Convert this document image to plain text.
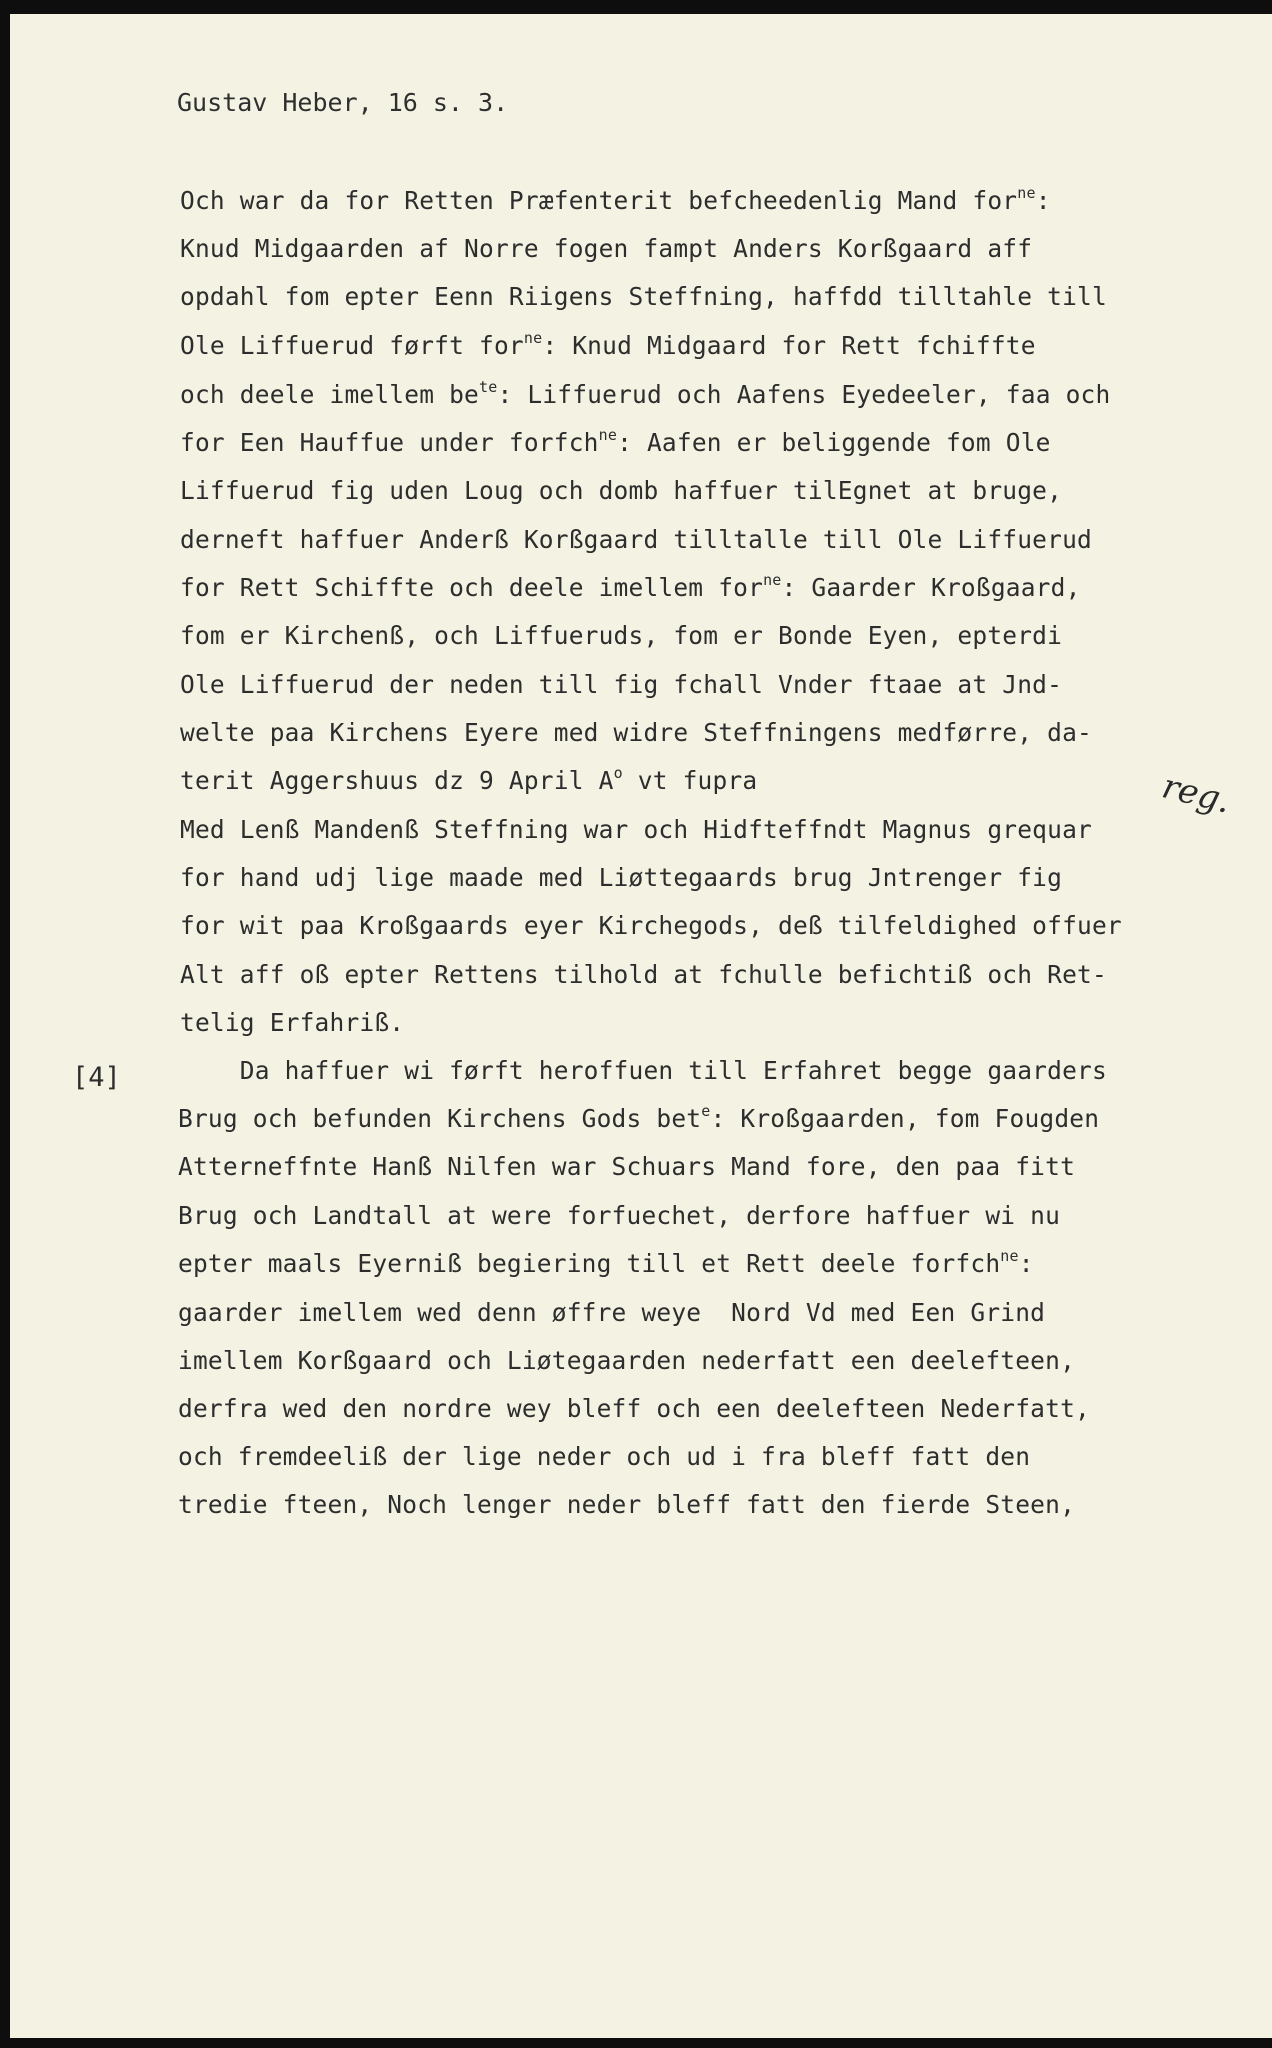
Gustav Heber, 16 s. 3.
[4]
reg.
Och war da for Retten Præfenterit befcheedenlig Mand for$^{ne}$:
Knud Midgaarden af Norre fogen fampt Anders Korßgaard aff
opdahl fom epter Eenn Riigens Steffning, haffdd tilltahle till
Ole Liffuerud førft for$^{ne}$: Knud Midgaard for Rett fchiffte
och deele imellem $be^{te}$: Liffuerud och Aafens Eyedeeler, faa och
for Een Hauffue under forfch$^{ne}$: Aafen er beliggende fom Ole
Liffuerud fig uden Loug och domb haffuer tilEgnet at bruge,
derneft haffuer Anderß Korßgaard tilltalle till Ole Liffuerud
for Rett Schiffte och deele imellem for$^{ne}$: Gaarder Kroßgaard,
fom er Kirchenß, och Liffueruds, fom er Bonde Eyen, epterdi
Ole Liffuerud der neden till fig fchall Vnder ftaae at Jnd-
welte paa Kirchens Eyere med widre Steffningens medførre, da-
terit Aggershuus dz 9 April $A^o$ vt fupra
Med Lenß Mandenß Steffning war och Hidfteffndt Magnus grequar
for hand udj lige maade med Liøttegaards brug Jntrenger fig
for wit paa Kroßgaards eyer Kirchegods, deß tilfeldighed offuer
Alt aff oß epter Rettens tilhold at fchulle befichtiß och Ret-
telig Erfahriß.
Da haffuer wi førft heroffuen till Erfahret begge gaarders
Brug och befunden Kirchens Gods bet$^e$: Kroßgaarden, fom Fougden
Atterneffnte Hanß Nilfen war Schuars Mand fore, den paa fitt
Brug och Landtall at were forfuechet, derfore haffuer wi nu
epter maals Eyerniß begiering till et Rett deele forfch$^{ne}$:
gaarder imellem wed denn øffre weye  Nord Vd med Een Grind
imellem Korßgaard och Liøtegaarden nederfatt een deelefteen,
derfra wed den nordre wey bleff och een deelefteen Nederfatt,
och fremdeeliß der lige neder och ud i fra bleff fatt den
tredie fteen, Noch lenger neder bleff fatt den fierde Steen,
